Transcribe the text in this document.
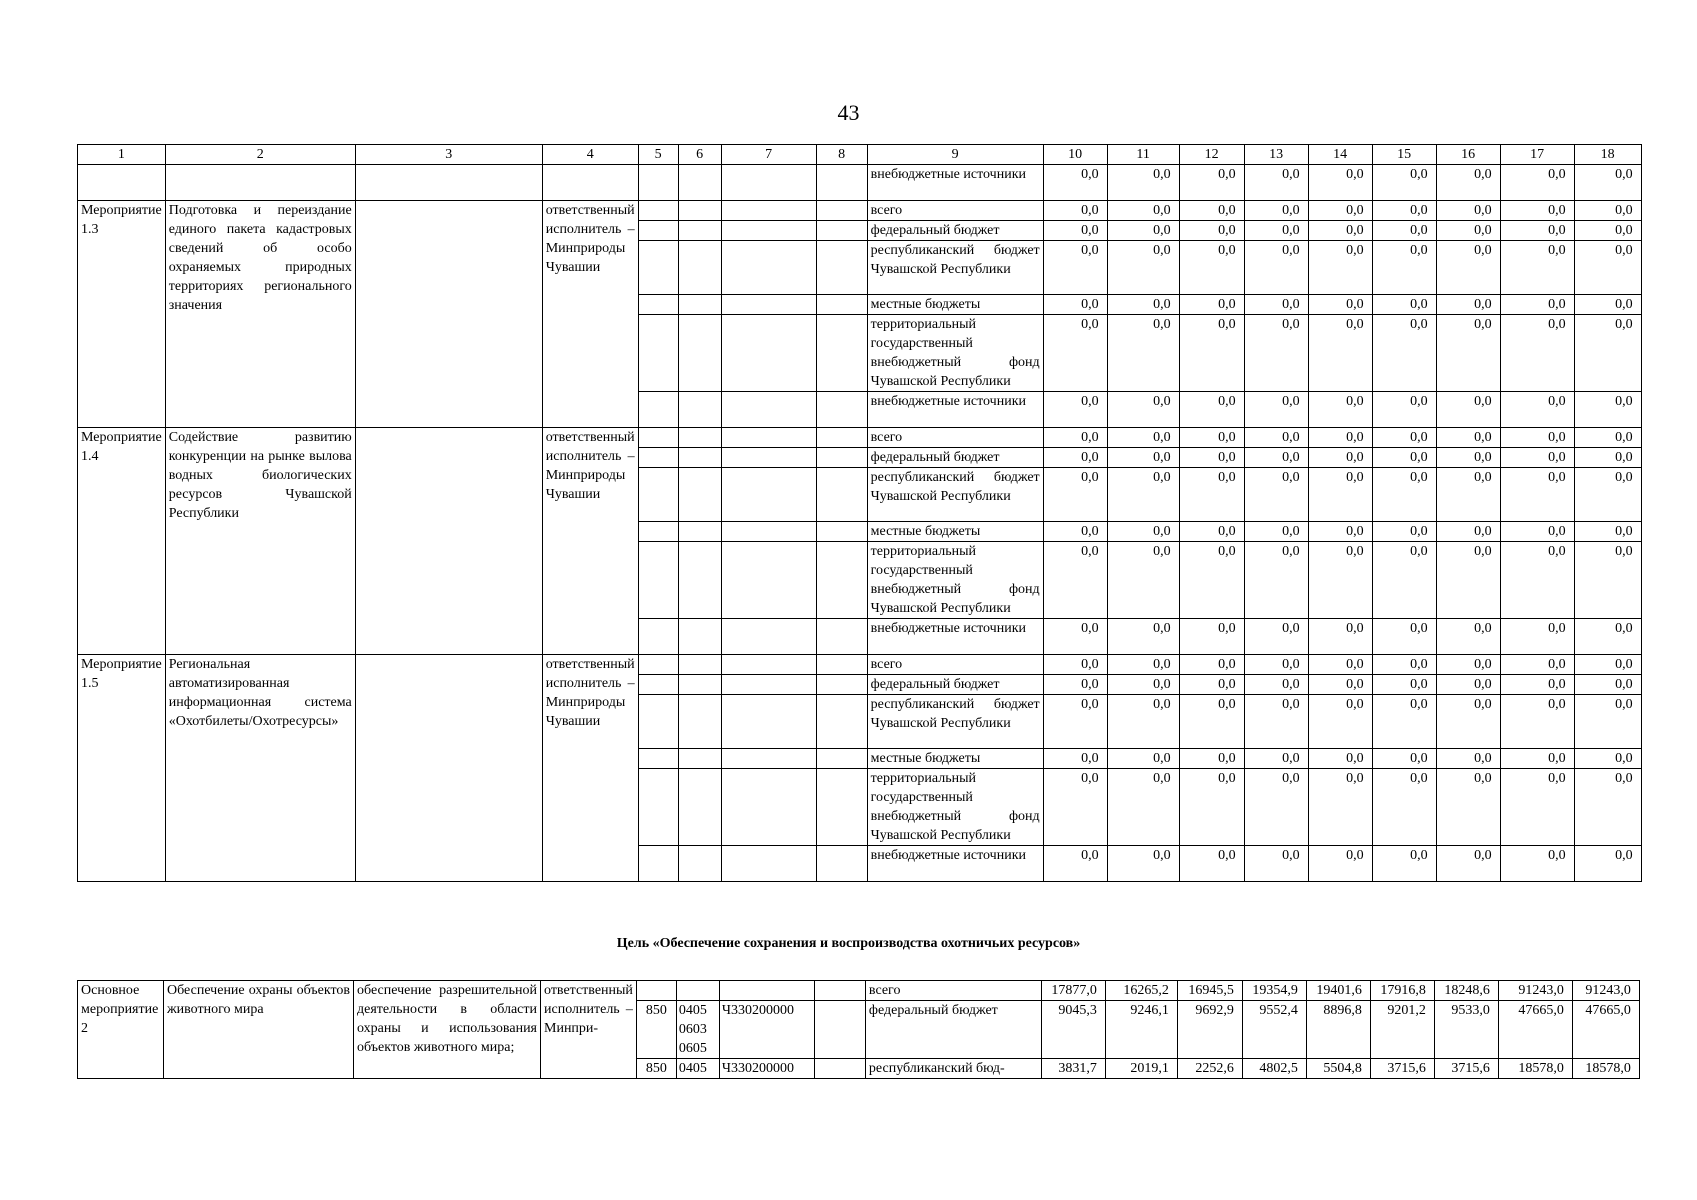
43
1	2	3	4	5	6	7	8	9	10	11	12	13	14	15	16	17	18
								внебюджетные источники	0,0	0,0	0,0	0,0	0,0	0,0	0,0	0,0	0,0
Мероприятие 1.3	Подготовка и переиздание единого пакета кадастровых сведений об особо охраняемых природных территориях регионального значения		ответственный исполнитель – Минприроды Чувашии					всего	0,0	0,0	0,0	0,0	0,0	0,0	0,0	0,0	0,0
								федеральный бюджет	0,0	0,0	0,0	0,0	0,0	0,0	0,0	0,0	0,0
								республиканский бюджет Чувашской Республики	0,0	0,0	0,0	0,0	0,0	0,0	0,0	0,0	0,0
								местные бюджеты	0,0	0,0	0,0	0,0	0,0	0,0	0,0	0,0	0,0
								территориальный государственный внебюджетный фонд Чувашской Республики	0,0	0,0	0,0	0,0	0,0	0,0	0,0	0,0	0,0
								внебюджетные источники	0,0	0,0	0,0	0,0	0,0	0,0	0,0	0,0	0,0
Мероприятие 1.4	Содействие развитию конкуренции на рынке вылова водных биологических ресурсов Чувашской Республики		ответственный исполнитель – Минприроды Чувашии					всего	0,0	0,0	0,0	0,0	0,0	0,0	0,0	0,0	0,0
								федеральный бюджет	0,0	0,0	0,0	0,0	0,0	0,0	0,0	0,0	0,0
								республиканский бюджет Чувашской Республики	0,0	0,0	0,0	0,0	0,0	0,0	0,0	0,0	0,0
								местные бюджеты	0,0	0,0	0,0	0,0	0,0	0,0	0,0	0,0	0,0
								территориальный государственный внебюджетный фонд Чувашской Республики	0,0	0,0	0,0	0,0	0,0	0,0	0,0	0,0	0,0
								внебюджетные источники	0,0	0,0	0,0	0,0	0,0	0,0	0,0	0,0	0,0
Мероприятие 1.5	Региональная автоматизированная информационная система «Охотбилеты/Охотресурсы»		ответственный исполнитель – Минприроды Чувашии					всего	0,0	0,0	0,0	0,0	0,0	0,0	0,0	0,0	0,0
								федеральный бюджет	0,0	0,0	0,0	0,0	0,0	0,0	0,0	0,0	0,0
								республиканский бюджет Чувашской Республики	0,0	0,0	0,0	0,0	0,0	0,0	0,0	0,0	0,0
								местные бюджеты	0,0	0,0	0,0	0,0	0,0	0,0	0,0	0,0	0,0
								территориальный государственный внебюджетный фонд Чувашской Республики	0,0	0,0	0,0	0,0	0,0	0,0	0,0	0,0	0,0
								внебюджетные источники	0,0	0,0	0,0	0,0	0,0	0,0	0,0	0,0	0,0
Цель «Обеспечение сохранения и воспроизводства охотничьих ресурсов»
Основное мероприятие 2	Обеспечение охраны объектов животного мира	обеспечение разрешительной деятельности в области охраны и использования объектов животного мира;	ответственный исполнитель – Минпри-					всего	17877,0	16265,2	16945,5	19354,9	19401,6	17916,8	18248,6	91243,0	91243,0
				850	0405 0603 0605	Ч330200000		федеральный бюджет	9045,3	9246,1	9692,9	9552,4	8896,8	9201,2	9533,0	47665,0	47665,0
				850	0405	Ч330200000		республиканский бюд-	3831,7	2019,1	2252,6	4802,5	5504,8	3715,6	3715,6	18578,0	18578,0
